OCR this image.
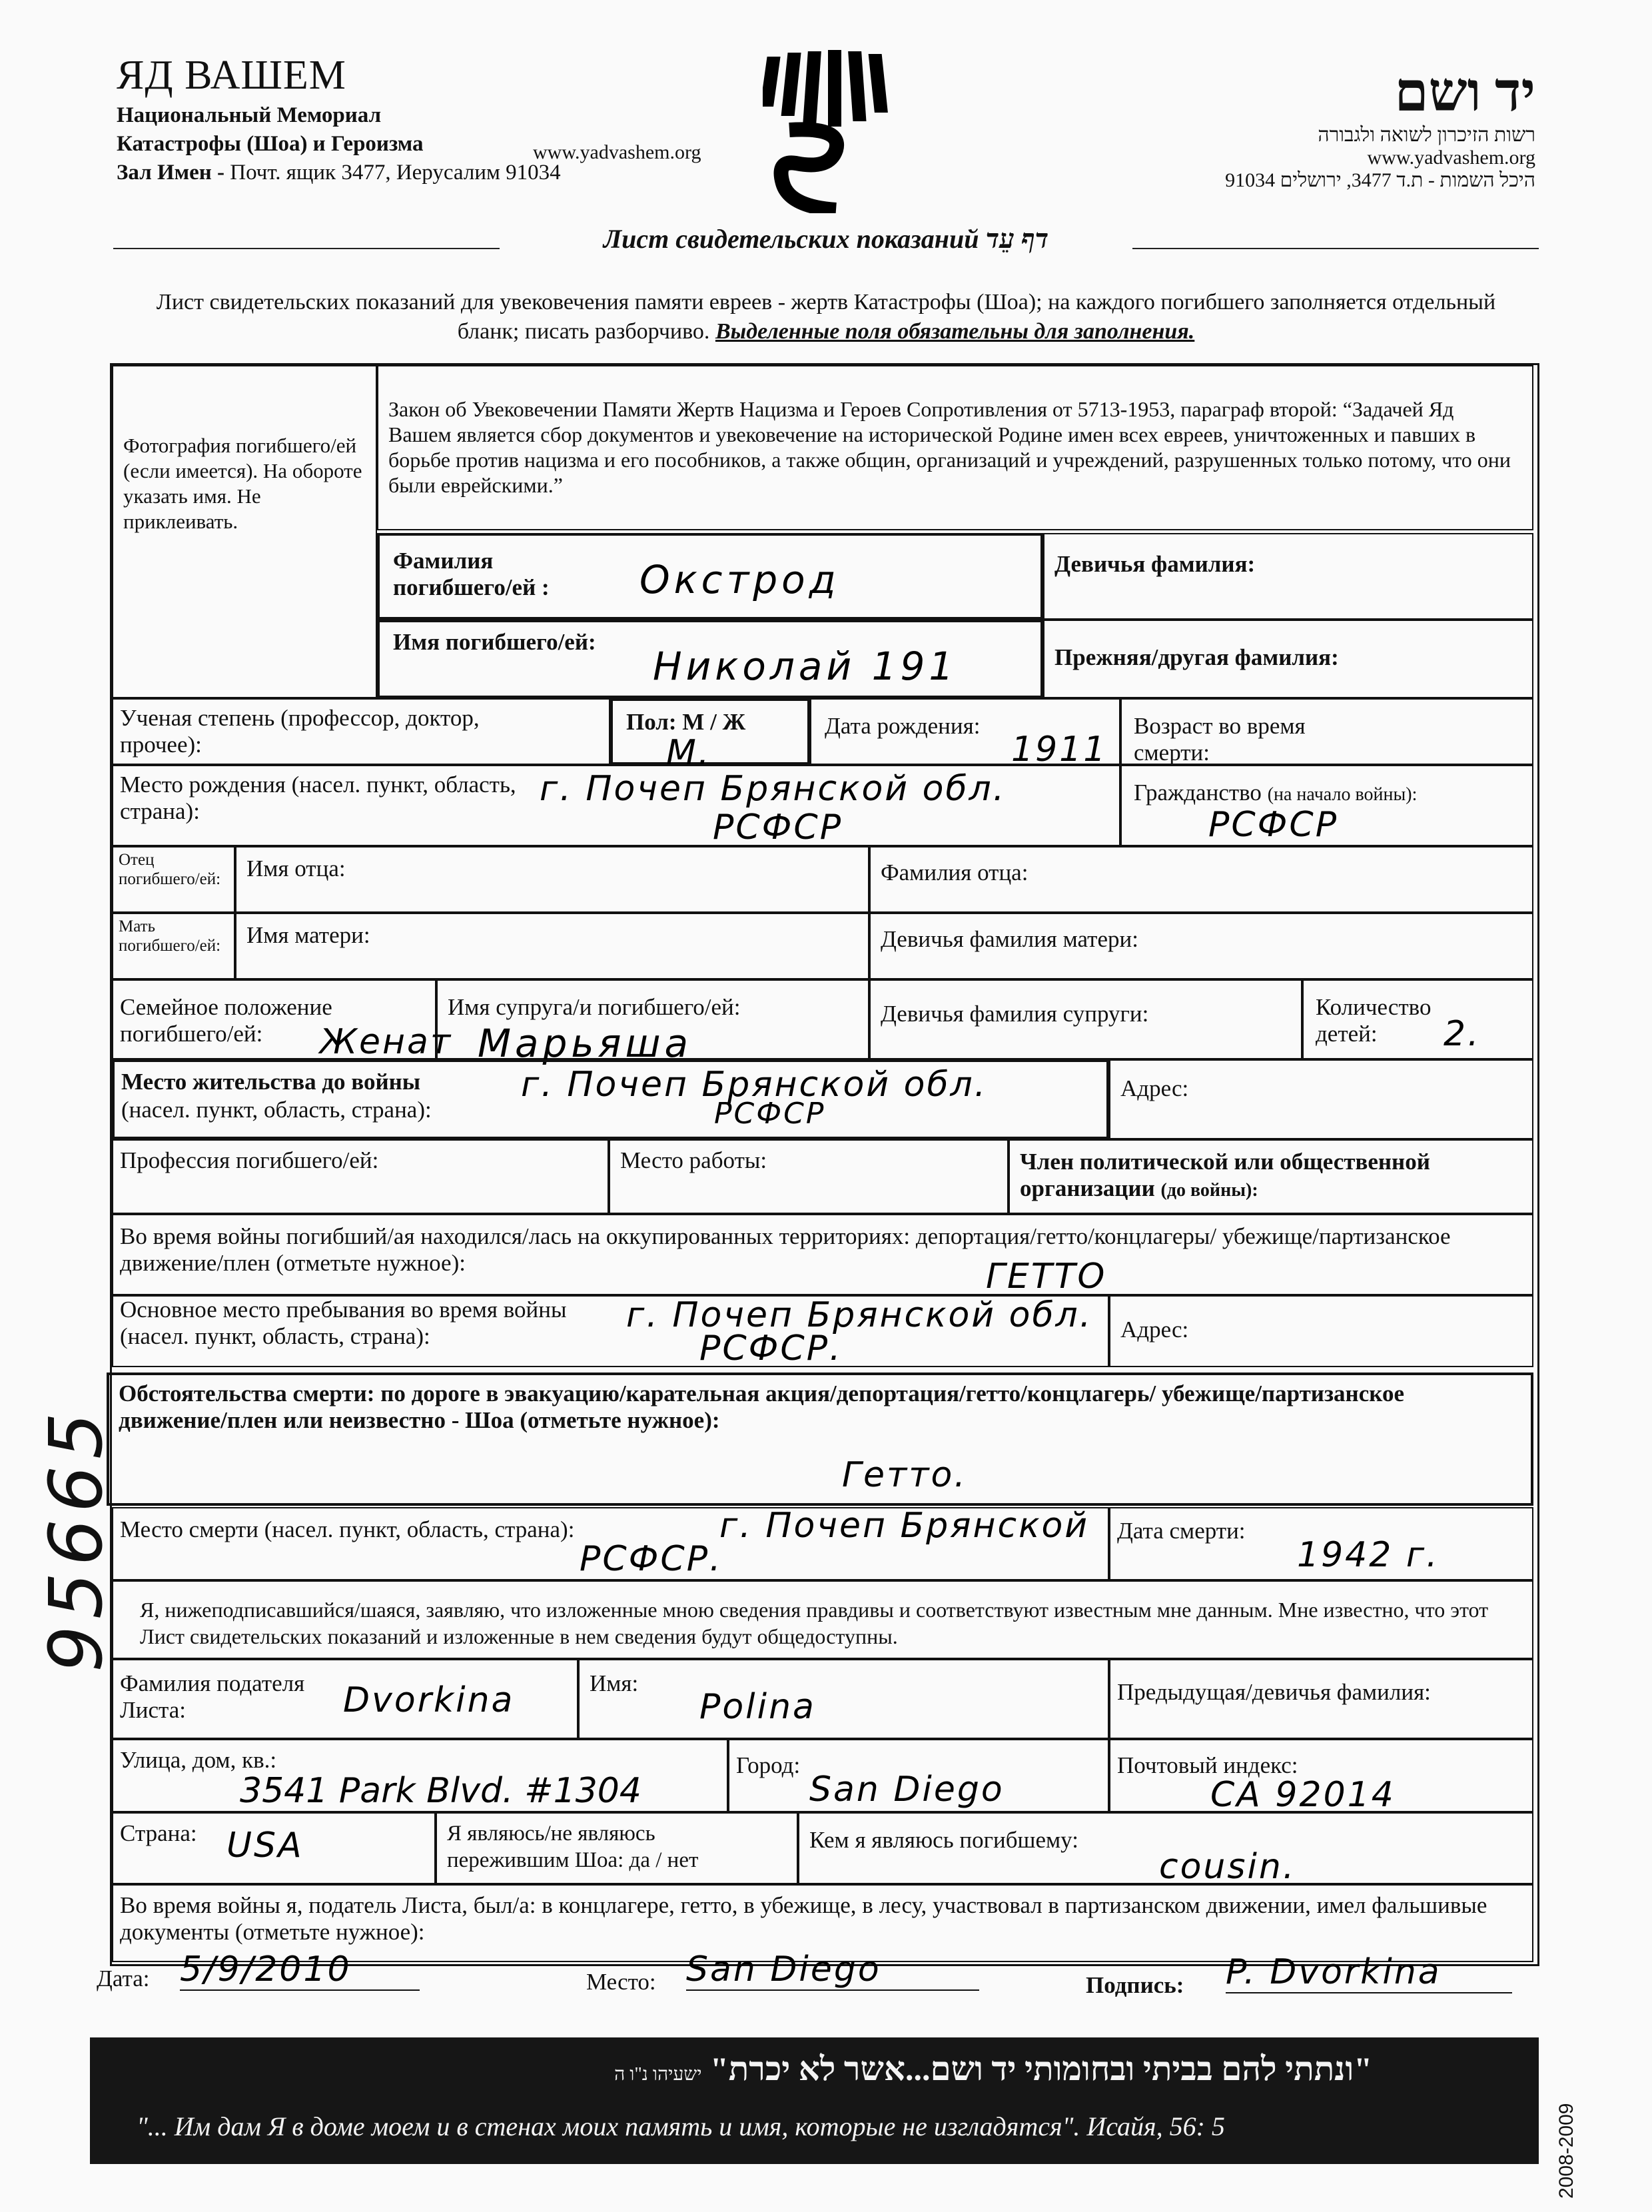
ЯД ВАШЕМ
Национальный Мемориал
Катастрофы (Шоа) и Героизма
Зал Имен - Почт. ящик 3477, Иерусалим 91034
www.yadvashem.org
יד ושם
רשות הזיכרון לשואה ולגבורה
www.yadvashem.org
היכל השמות - ת.ד 3477, ירושלים 91034
Лист свидетельских показаний דף עֵד
Лист свидетельских показаний для увековечения памяти евреев - жертв Катастрофы (Шоа); на каждого погибшего заполняется отдельный бланк; писать разборчиво. Выделенные поля обязательны для заполнения.
Фотография погибшего/ей (если имеется). На обороте указать имя. Не приклеивать.
Закон об Увековечении Памяти Жертв Нацизма и Героев Сопротивления от 5713-1953, параграф второй: “Задачей Яд Вашем является сбор документов и увековечение на исторической Родине имен всех евреев, уничтоженных и павших в борьбе против нацизма и его пособников, а также общин, организаций и учреждений, разрушенных только потому, что они были еврейскими.”
Фамилия погибшего/ей :	Окстрод	Девичья фамилия:
Имя погибшего/ей:
Николай 191	Прежняя/другая фамилия:
Ученая степень (профессор, доктор, прочее):
Пол: М / Ж
М.
Дата рождения:
1911
Возраст во время смерти:
Место рождения (насел. пункт, область, страна):
г. Почеп Брянской обл.
РСФСР
Гражданство (на начало войны):
РСФСР
Отец погибшего/ей:	Имя отца:	Фамилия отца:
Мать погибшего/ей:	Имя матери:	Девичья фамилия матери:
Семейное положение погибшего/ей:	Женат
Имя супруга/и погибшего/ей:
Марьяша
Девичья фамилия супруги:	Количество детей:	2.
Место жительства до войны
(насел. пункт, область, страна):
г. Почеп Брянской обл.
РСФСР
Адрес:
Профессия погибшего/ей:	Место работы:	Член политической или общественной организации (до войны):
Во время войны погибший/ая находился/лась на оккупированных территориях: депортация/гетто/концлагеры/ убежище/партизанское движение/плен (отметьте нужное):	ГЕТТО
Основное место пребывания во время войны (насел. пункт, область, страна):
г. Почеп Брянской обл.
РСФСР.	Адрес:
Обстоятельства смерти: по дороге в эвакуацию/карательная акция/депортация/гетто/концлагерь/ убежище/партизанское движение/плен или неизвестно - Шоа (отметьте нужное):
Гетто.
Место смерти (насел. пункт, область, страна):	г. Почеп Брянской
РСФСР.
Дата смерти:
1942 г.
Я, нижеподписавшийся/шаяся, заявляю, что изложенные мною сведения правдивы и соответствуют известным мне данным. Мне известно, что этот Лист свидетельских показаний и изложенные в нем сведения будут общедоступны.
Фамилия подателя Листа:	Dvorkina	Имя:
Polina	Предыдущая/девичья фамилия:
Улица, дом, кв.:
3541 Park Blvd. #1304
Город:
San Diego
Почтовый индекс:
CA 92014
Страна: USA	Я являюсь/не являюсь пережившим Шоа: да / нет
Кем я являюсь погибшему:
cousin.
Во время войны я, податель Листа, был/а: в концлагере, гетто, в убежище, в лесу, участвовал в партизанском движении, имел фальшивые документы (отметьте нужное):
Дата: 5/9/2010	Место: San Diego	Подпись: P. Dvorkina
"ונתתי להם בביתי ובחומותי יד ושם...אשר לא יכרת" ישעיהו נ"ו ה
"... Им дам Я в доме моем и в стенах моих память и имя, которые не изгладятся". Исайя, 56: 5	2008-2009
95665
